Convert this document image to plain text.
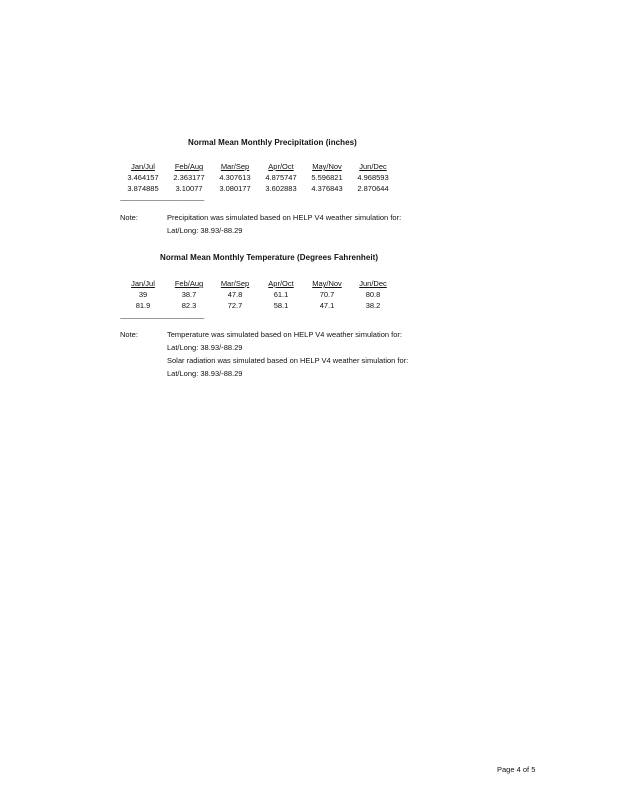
Normal Mean Monthly Precipitation (inches)
Jan/Jul	Feb/Aug	Mar/Sep	Apr/Oct	May/Nov	Jun/Dec
3.464157	2.363177	4.307613	4.875747	5.596821	4.968593
3.874885	3.10077	3.080177	3.602883	4.376843	2.870644
------------------------------------------------------------
Note:	Precipitation was simulated based on HELP V4 weather simulation for:
Lat/Long: 38.93/-88.29
Normal Mean Monthly Temperature (Degrees Fahrenheit)
Jan/Jul	Feb/Aug	Mar/Sep	Apr/Oct	May/Nov	Jun/Dec
39	38.7	47.8	61.1	70.7	80.8
81.9	82.3	72.7	58.1	47.1	38.2
------------------------------------------------------------
Note:	Temperature was simulated based on HELP V4 weather simulation for:
Lat/Long: 38.93/-88.29
Solar radiation was simulated based on HELP V4 weather simulation for:
Lat/Long: 38.93/-88.29
Page 4 of 5
